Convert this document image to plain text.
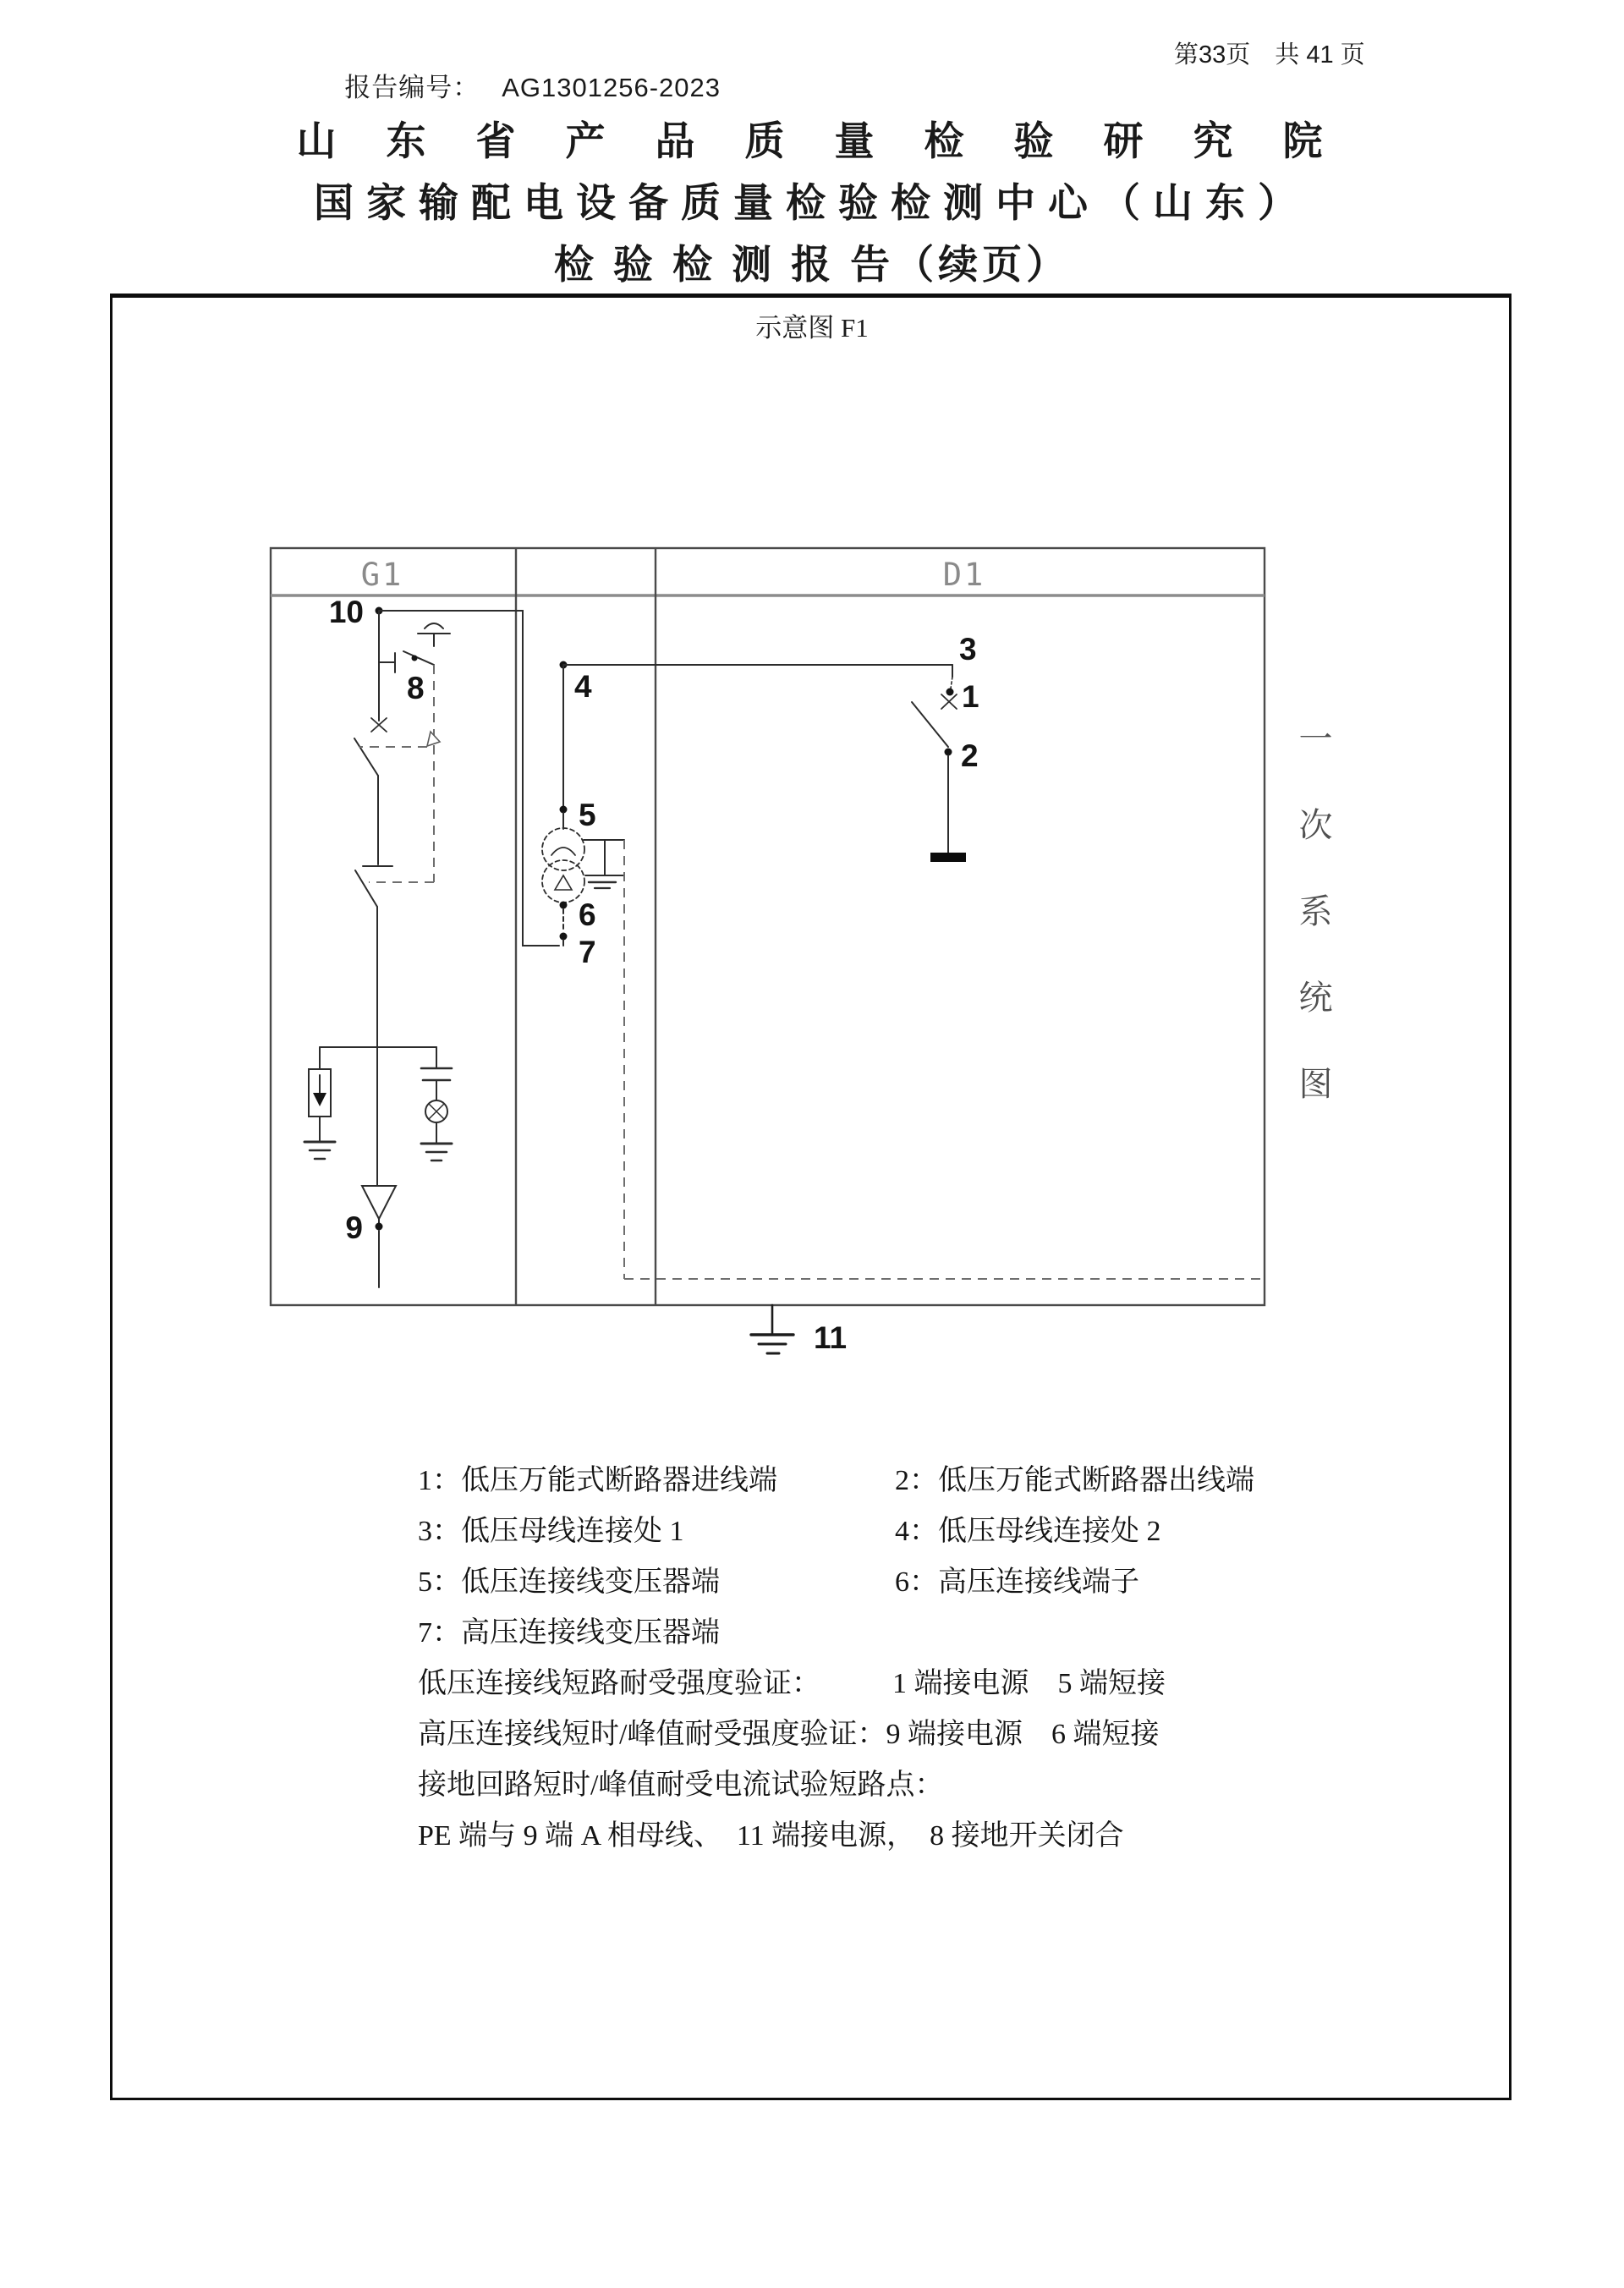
报告编号： AG1301256-2023

第33页　共 41 页
山　东　省　产　品　质　量　检　验　研　究　院
国家输配电设备质量检验检测中心（山东）
检 验 检 测 报 告（续页）
示意图 F1
G1	D1
10
8	4
5
6
7
3
1
2
9
11
一次系统图
1：低压万能式断路器进线端	2：低压万能式断路器出线端
3：低压母线连接处 1	4：低压母线连接处 2
5：低压连接线变压器端	6：高压连接线端子
7：高压连接线变压器端
低压连接线短路耐受强度验证：　　　1 端接电源　5 端短接
高压连接线短时/峰值耐受强度验证：9 端接电源　6 端短接
接地回路短时/峰值耐受电流试验短路点：
PE 端与 9 端 A 相母线、　11 端接电源，　8 接地开关闭合
